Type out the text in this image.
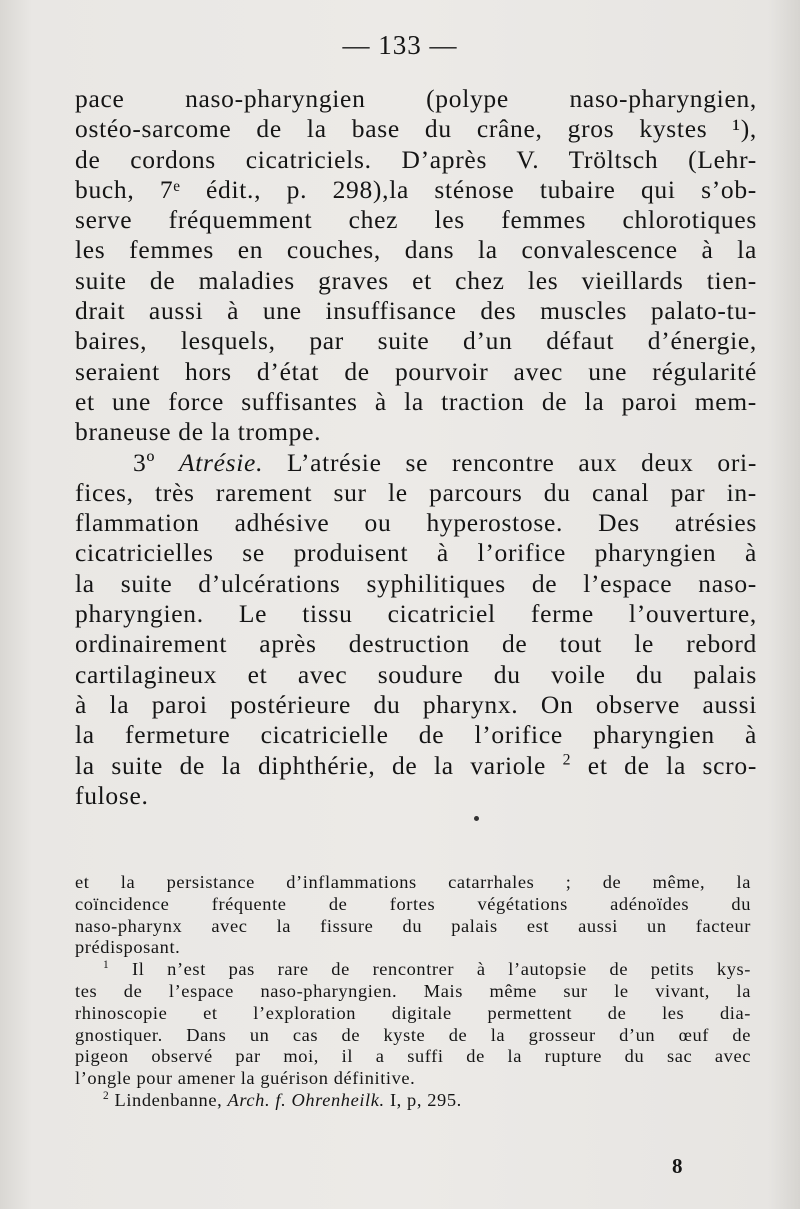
— 133 —
pace naso-pharyngien (polype naso-pharyngien,
ostéo-sarcome de la base du crâne, gros kystes ¹),
de cordons cicatriciels. D’après V. Tröltsch (Lehr-
buch, 7ᵉ édit., p. 298),la sténose tubaire qui s’ob-
serve fréquemment chez les femmes chlorotiques
les femmes en couches, dans la convalescence à la
suite de maladies graves et chez les vieillards tien-
drait aussi à une insuffisance des muscles palato-tu-
baires, lesquels, par suite d’un défaut d’énergie,
seraient hors d’état de pourvoir avec une régularité
et une force suffisantes à la traction de la paroi mem-
braneuse de la trompe.
3º Atrésie. L’atrésie se rencontre aux deux ori-
fices, très rarement sur le parcours du canal par in-
flammation adhésive ou hyperostose. Des atrésies
cicatricielles se produisent à l’orifice pharyngien à
la suite d’ulcérations syphilitiques de l’espace naso-
pharyngien. Le tissu cicatriciel ferme l’ouverture,
ordinairement après destruction de tout le rebord
cartilagineux et avec soudure du voile du palais
à la paroi postérieure du pharynx. On observe aussi
la fermeture cicatricielle de l’orifice pharyngien à
la suite de la diphthérie, de la variole $^2$ et de la scro-
fulose.
et la persistance d’inflammations catarrhales ; de même, la
coïncidence fréquente de fortes végétations adénoïdes du
naso-pharynx avec la fissure du palais est aussi un facteur
prédisposant.
$^1$ Il n’est pas rare de rencontrer à l’autopsie de petits kys-
tes de l’espace naso-pharyngien. Mais même sur le vivant, la
rhinoscopie et l’exploration digitale permettent de les dia-
gnostiquer. Dans un cas de kyste de la grosseur d’un œuf de
pigeon observé par moi, il a suffi de la rupture du sac avec
l’ongle pour amener la guérison définitive.
$^2$ Lindenbanne, Arch. f. Ohrenheilk. I, p, 295.
8
